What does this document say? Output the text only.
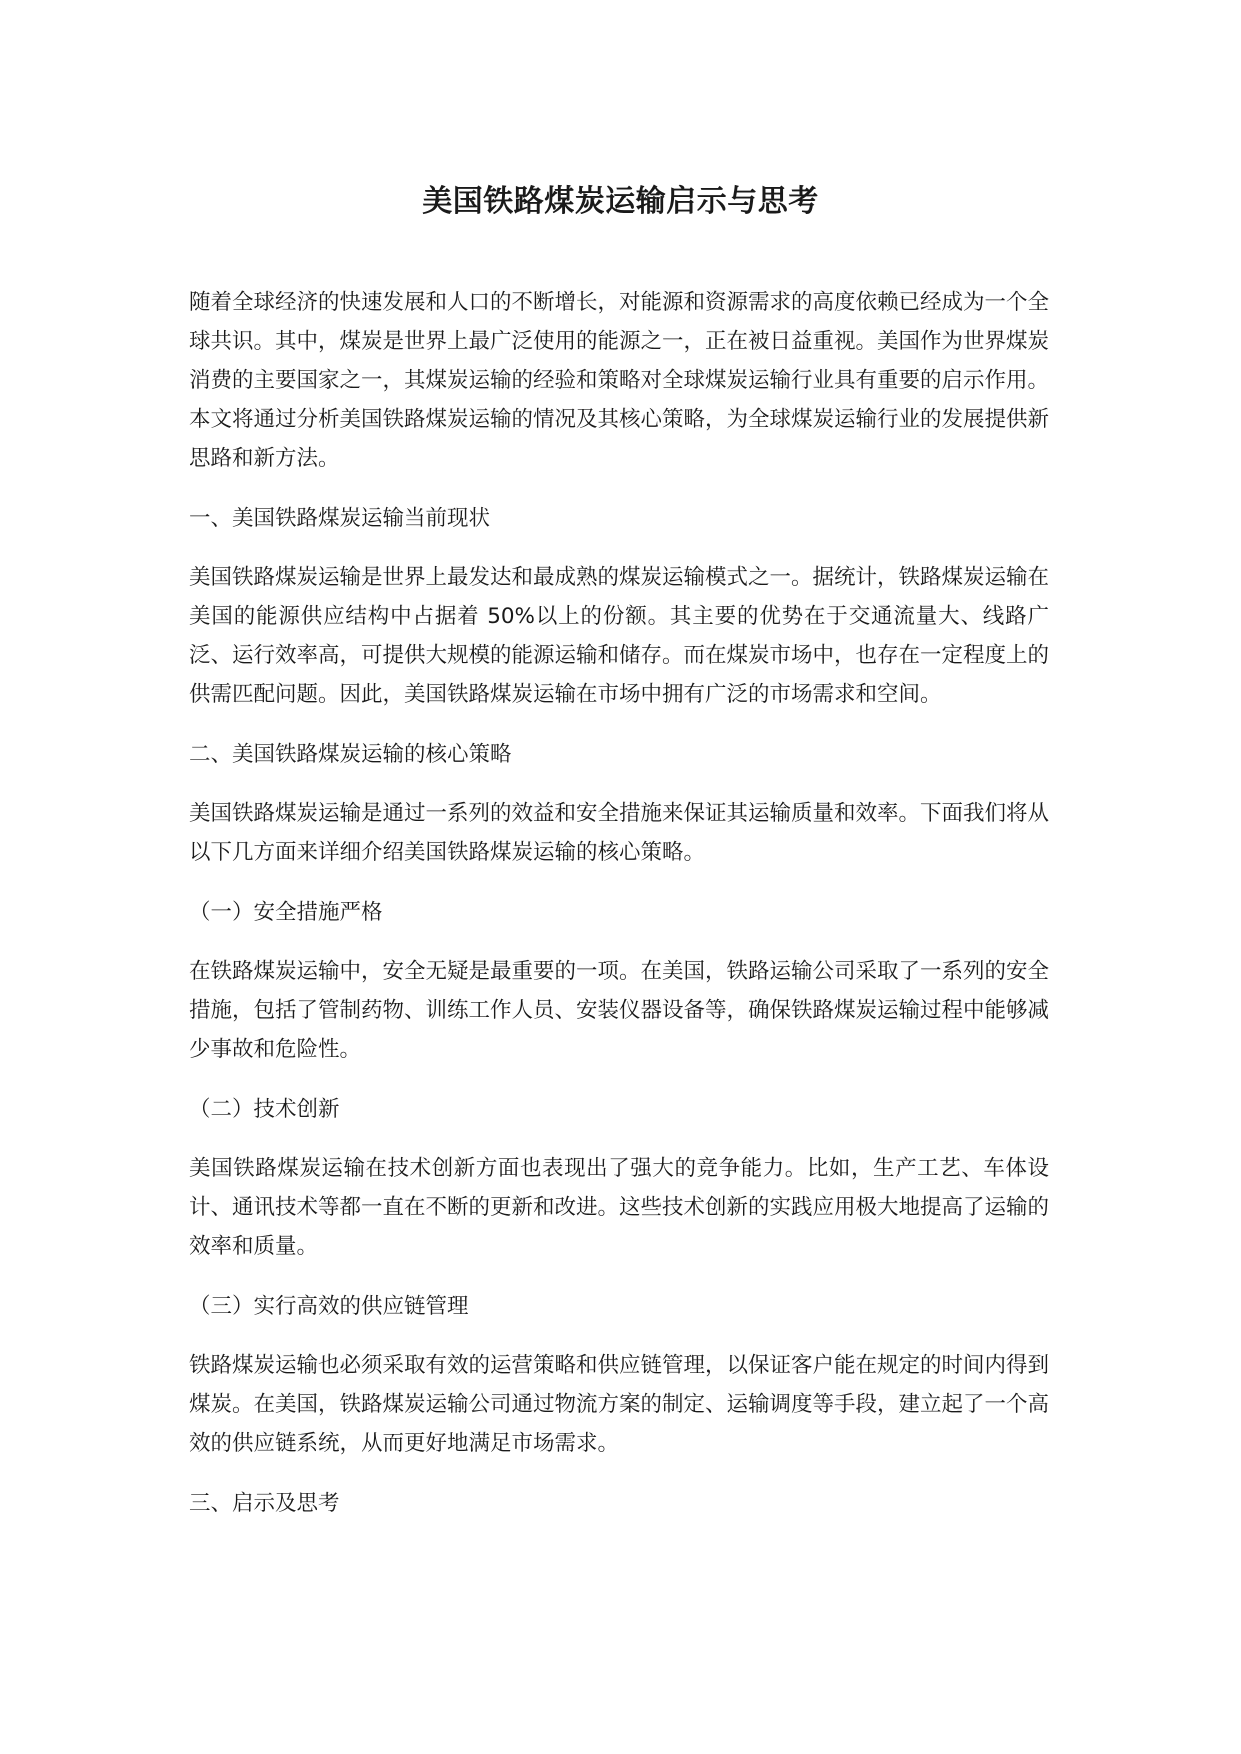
美国铁路煤炭运输启示与思考

随着全球经济的快速发展和人口的不断增长，对能源和资源需求的高度依赖已经成为一个全球共识。其中，煤炭是世界上最广泛使用的能源之一，正在被日益重视。美国作为世界煤炭消费的主要国家之一，其煤炭运输的经验和策略对全球煤炭运输行业具有重要的启示作用。本文将通过分析美国铁路煤炭运输的情况及其核心策略，为全球煤炭运输行业的发展提供新思路和新方法。

一、美国铁路煤炭运输当前现状

美国铁路煤炭运输是世界上最发达和最成熟的煤炭运输模式之一。据统计，铁路煤炭运输在美国的能源供应结构中占据着 50%以上的份额。其主要的优势在于交通流量大、线路广泛、运行效率高，可提供大规模的能源运输和储存。而在煤炭市场中，也存在一定程度上的供需匹配问题。因此，美国铁路煤炭运输在市场中拥有广泛的市场需求和空间。

二、美国铁路煤炭运输的核心策略

美国铁路煤炭运输是通过一系列的效益和安全措施来保证其运输质量和效率。下面我们将从以下几方面来详细介绍美国铁路煤炭运输的核心策略。

（一）安全措施严格

在铁路煤炭运输中，安全无疑是最重要的一项。在美国，铁路运输公司采取了一系列的安全措施，包括了管制药物、训练工作人员、安装仪器设备等，确保铁路煤炭运输过程中能够减少事故和危险性。

（二）技术创新

美国铁路煤炭运输在技术创新方面也表现出了强大的竞争能力。比如，生产工艺、车体设计、通讯技术等都一直在不断的更新和改进。这些技术创新的实践应用极大地提高了运输的效率和质量。

（三）实行高效的供应链管理

铁路煤炭运输也必须采取有效的运营策略和供应链管理，以保证客户能在规定的时间内得到煤炭。在美国，铁路煤炭运输公司通过物流方案的制定、运输调度等手段，建立起了一个高效的供应链系统，从而更好地满足市场需求。

三、启示及思考
